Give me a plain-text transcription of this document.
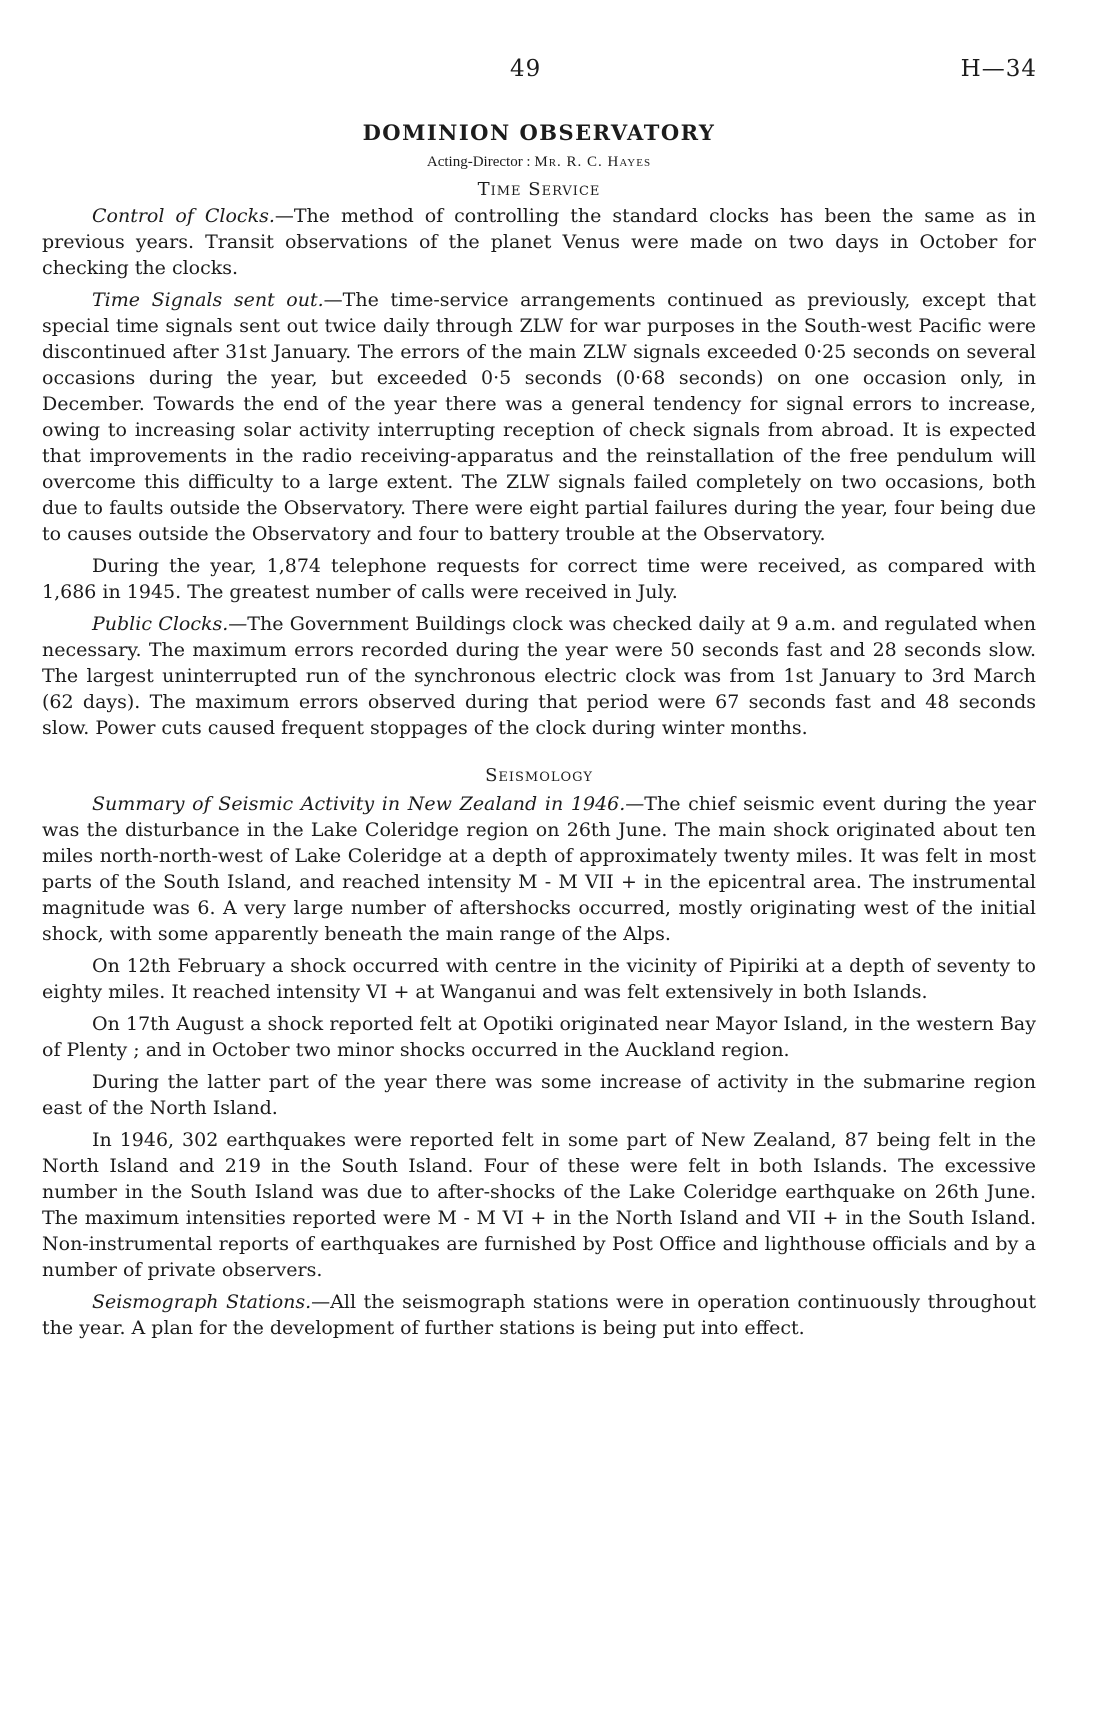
49	H—34
DOMINION OBSERVATORY
Acting-Director : Mr. R. C. Hayes
Time Service

Control of Clocks.—The method of controlling the standard clocks has been the same as in previous years. Transit observations of the planet Venus were made on two days in October for checking the clocks.

Time Signals sent out.—The time-service arrangements continued as previously, except that special time signals sent out twice daily through ZLW for war purposes in the South-west Pacific were discontinued after 31st January. The errors of the main ZLW signals exceeded 0·25 seconds on several occasions during the year, but exceeded 0·5 seconds (0·68 seconds) on one occasion only, in December. Towards the end of the year there was a general tendency for signal errors to increase, owing to increasing solar activity interrupting reception of check signals from abroad. It is expected that improvements in the radio receiving-apparatus and the reinstallation of the free pendulum will overcome this difficulty to a large extent. The ZLW signals failed completely on two occasions, both due to faults outside the Observatory. There were eight partial failures during the year, four being due to causes outside the Observatory and four to battery trouble at the Observatory.

During the year, 1,874 telephone requests for correct time were received, as compared with 1,686 in 1945. The greatest number of calls were received in July.

Public Clocks.—The Government Buildings clock was checked daily at 9 a.m. and regulated when necessary. The maximum errors recorded during the year were 50 seconds fast and 28 seconds slow. The largest uninterrupted run of the synchronous electric clock was from 1st January to 3rd March (62 days). The maximum errors observed during that period were 67 seconds fast and 48 seconds slow. Power cuts caused frequent stoppages of the clock during winter months.

Seismology

Summary of Seismic Activity in New Zealand in 1946.—The chief seismic event during the year was the disturbance in the Lake Coleridge region on 26th June. The main shock originated about ten miles north-north-west of Lake Coleridge at a depth of approximately twenty miles. It was felt in most parts of the South Island, and reached intensity M - M VII + in the epicentral area. The instrumental magnitude was 6. A very large number of aftershocks occurred, mostly originating west of the initial shock, with some apparently beneath the main range of the Alps.

On 12th February a shock occurred with centre in the vicinity of Pipiriki at a depth of seventy to eighty miles. It reached intensity VI + at Wanganui and was felt extensively in both Islands.

On 17th August a shock reported felt at Opotiki originated near Mayor Island, in the western Bay of Plenty ; and in October two minor shocks occurred in the Auckland region.

During the latter part of the year there was some increase of activity in the submarine region east of the North Island.

In 1946, 302 earthquakes were reported felt in some part of New Zealand, 87 being felt in the North Island and 219 in the South Island. Four of these were felt in both Islands. The excessive number in the South Island was due to after-shocks of the Lake Coleridge earthquake on 26th June. The maximum intensities reported were M - M VI + in the North Island and VII + in the South Island. Non-instrumental reports of earthquakes are furnished by Post Office and lighthouse officials and by a number of private observers.

Seismograph Stations.—All the seismograph stations were in operation continuously throughout the year. A plan for the development of further stations is being put into effect.
